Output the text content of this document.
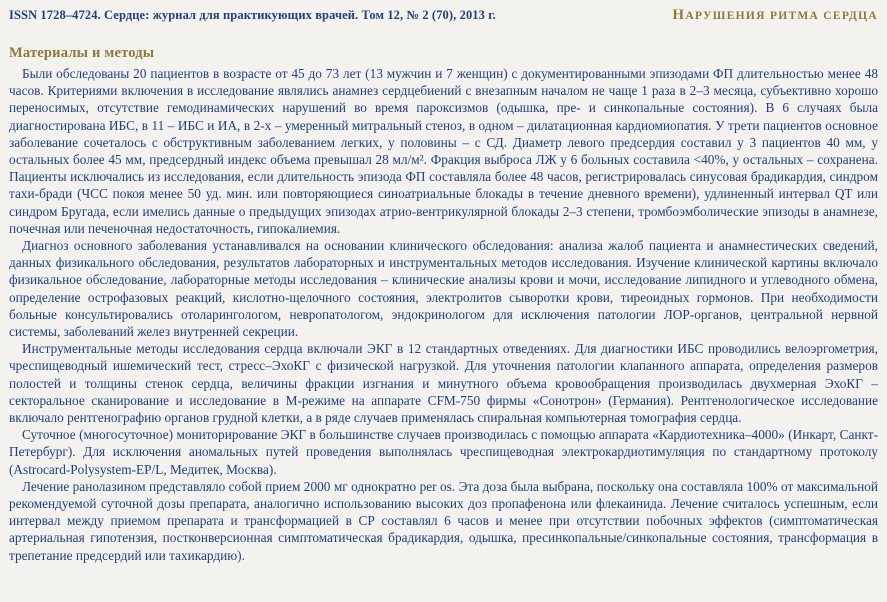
ISSN 1728–4724. Сердце: журнал для практикующих врачей. Том 12, № 2 (70), 2013 г.	НАРУШЕНИЯ РИТМА СЕРДЦА
Материалы и методы

Были обследованы 20 пациентов в возрасте от 45 до 73 лет (13 мужчин и 7 женщин) с документированными эпизодами ФП длительностью менее 48 часов. Критериями включения в исследование являлись анамнез сердцебиений с внезапным началом не чаще 1 раза в 2–3 месяца, субъективно хорошо переносимых, отсутствие гемодинамических нарушений во время пароксизмов (одышка, пре- и синкопальные состояния). В 6 случаях была диагностирована ИБС, в 11 – ИБС и ИА, в 2-х – умеренный митральный стеноз, в одном – дилатационная кардиомиопатия. У трети пациентов основное заболевание сочеталось с обструктивным заболеванием легких, у половины – с СД. Диаметр левого предсердия составил у 3 пациентов 40 мм, у остальных более 45 мм, предсердный индекс объема превышал 28 мл/м². Фракция выброса ЛЖ у 6 больных составила <40%, у остальных – сохранена. Пациенты исключались из исследования, если длительность эпизода ФП составляла более 48 часов, регистрировалась синусовая брадикардия, синдром тахи-бради (ЧСС покоя менее 50 уд. мин. или повторяющиеся синоатриальные блокады в течение дневного времени), удлиненный интервал QT или синдром Бругада, если имелись данные о предыдущих эпизодах атрио-вентрикулярной блокады 2–3 степени, тромбоэмболические эпизоды в анамнезе, почечная или печеночная недостаточность, гипокалиемия.

Диагноз основного заболевания устанавливался на основании клинического обследования: анализа жалоб пациента и анамнестических сведений, данных физикального обследования, результатов лабораторных и инструментальных методов исследования. Изучение клинической картины включало физикальное обследование, лабораторные методы исследования – клинические анализы крови и мочи, исследование липидного и углеводного обмена, определение острофазовых реакций, кислотно-щелочного состояния, электролитов сыворотки крови, тиреоидных гормонов. При необходимости больные консультировались отоларингологом, невропатологом, эндокринологом для исключения патологии ЛОР-органов, центральной нервной системы, заболеваний желез внутренней секреции.

Инструментальные методы исследования сердца включали ЭКГ в 12 стандартных отведениях. Для диагностики ИБС проводились велоэргометрия, чреспищеводный ишемический тест, стресс–ЭхоКГ с физической нагрузкой. Для уточнения патологии клапанного аппарата, определения размеров полостей и толщины стенок сердца, величины фракции изгнания и минутного объема кровообращения производилась двухмерная ЭхоКГ – секторальное сканирование и исследование в М-режиме на аппарате CFM-750 фирмы «Сонотрон» (Германия). Рентгенологическое исследование включало рентгенографию органов грудной клетки, а в ряде случаев применялась спиральная компьютерная томография сердца.

Суточное (многосуточное) мониторирование ЭКГ в большинстве случаев производилась с помощью аппарата «Кардиотехника–4000» (Инкарт, Санкт-Петербург). Для исключения аномальных путей проведения выполнялась чреспищеводная электрокардиотимуляция по стандартному протоколу (Astrocard-Polysystem-EP/L, Медитек, Москва).

Лечение ранолазином представляло собой прием 2000 мг однократно per os. Эта доза была выбрана, поскольку она составляла 100% от максимальной рекомендуемой суточной дозы препарата, аналогично использованию высоких доз пропафенона или флекаинида. Лечение считалось успешным, если интервал между приемом препарата и трансформацией в СР составлял 6 часов и менее при отсутствии побочных эффектов (симптоматическая артериальная гипотензия, постконверсионная симптоматическая брадикардия, одышка, пресинкопальные/синкопальные состояния, трансформация в трепетание предсердий или тахикардию).
